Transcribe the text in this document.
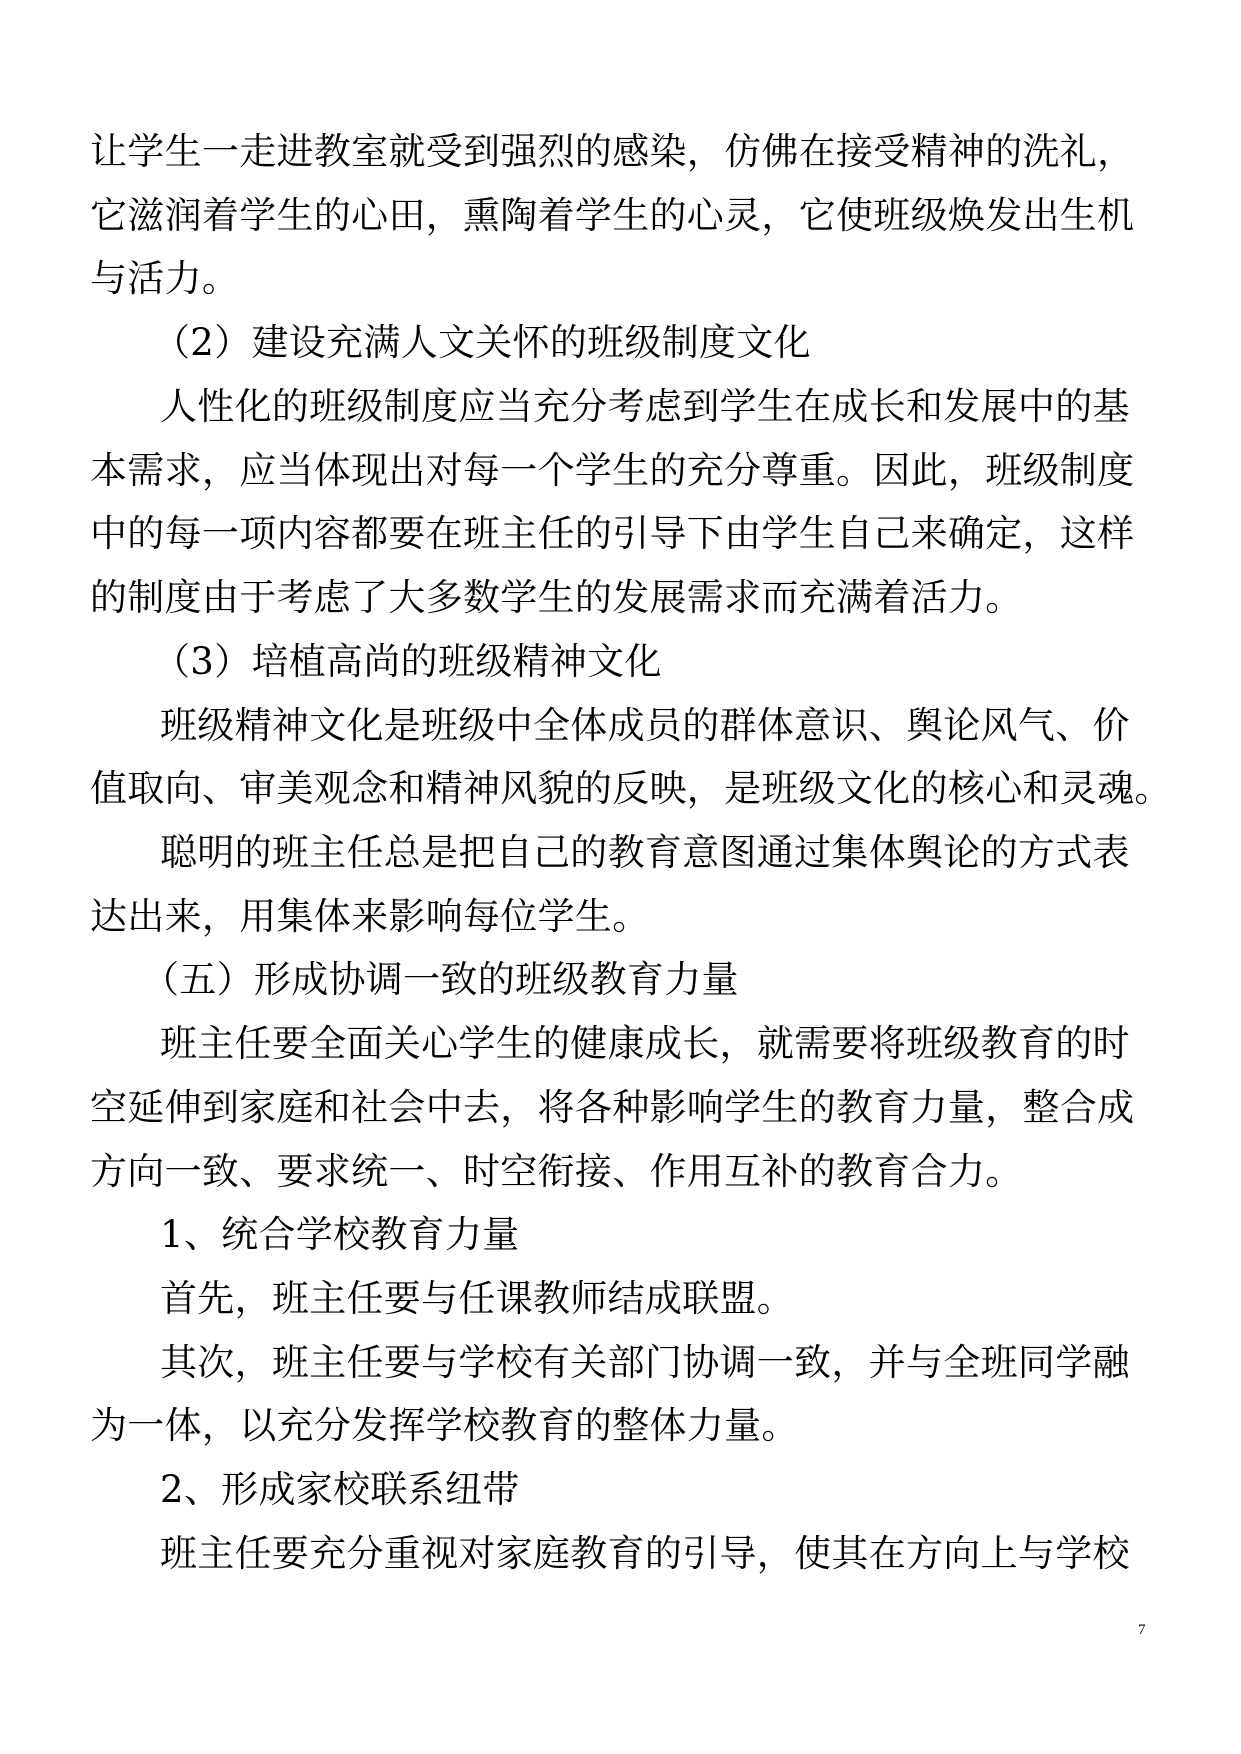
让学生一走进教室就受到强烈的感染，仿佛在接受精神的洗礼，
它滋润着学生的心田，熏陶着学生的心灵，它使班级焕发出生机
与活力。
（2）建设充满人文关怀的班级制度文化
人性化的班级制度应当充分考虑到学生在成长和发展中的基
本需求，应当体现出对每一个学生的充分尊重。因此，班级制度
中的每一项内容都要在班主任的引导下由学生自己来确定，这样
的制度由于考虑了大多数学生的发展需求而充满着活力。
（3）培植高尚的班级精神文化
班级精神文化是班级中全体成员的群体意识、舆论风气、价
值取向、审美观念和精神风貌的反映，是班级文化的核心和灵魂。
聪明的班主任总是把自己的教育意图通过集体舆论的方式表
达出来，用集体来影响每位学生。
（五）形成协调一致的班级教育力量
班主任要全面关心学生的健康成长，就需要将班级教育的时
空延伸到家庭和社会中去，将各种影响学生的教育力量，整合成
方向一致、要求统一、时空衔接、作用互补的教育合力。
1、统合学校教育力量
首先，班主任要与任课教师结成联盟。
其次，班主任要与学校有关部门协调一致，并与全班同学融
为一体，以充分发挥学校教育的整体力量。
2、形成家校联系纽带
班主任要充分重视对家庭教育的引导，使其在方向上与学校
7
